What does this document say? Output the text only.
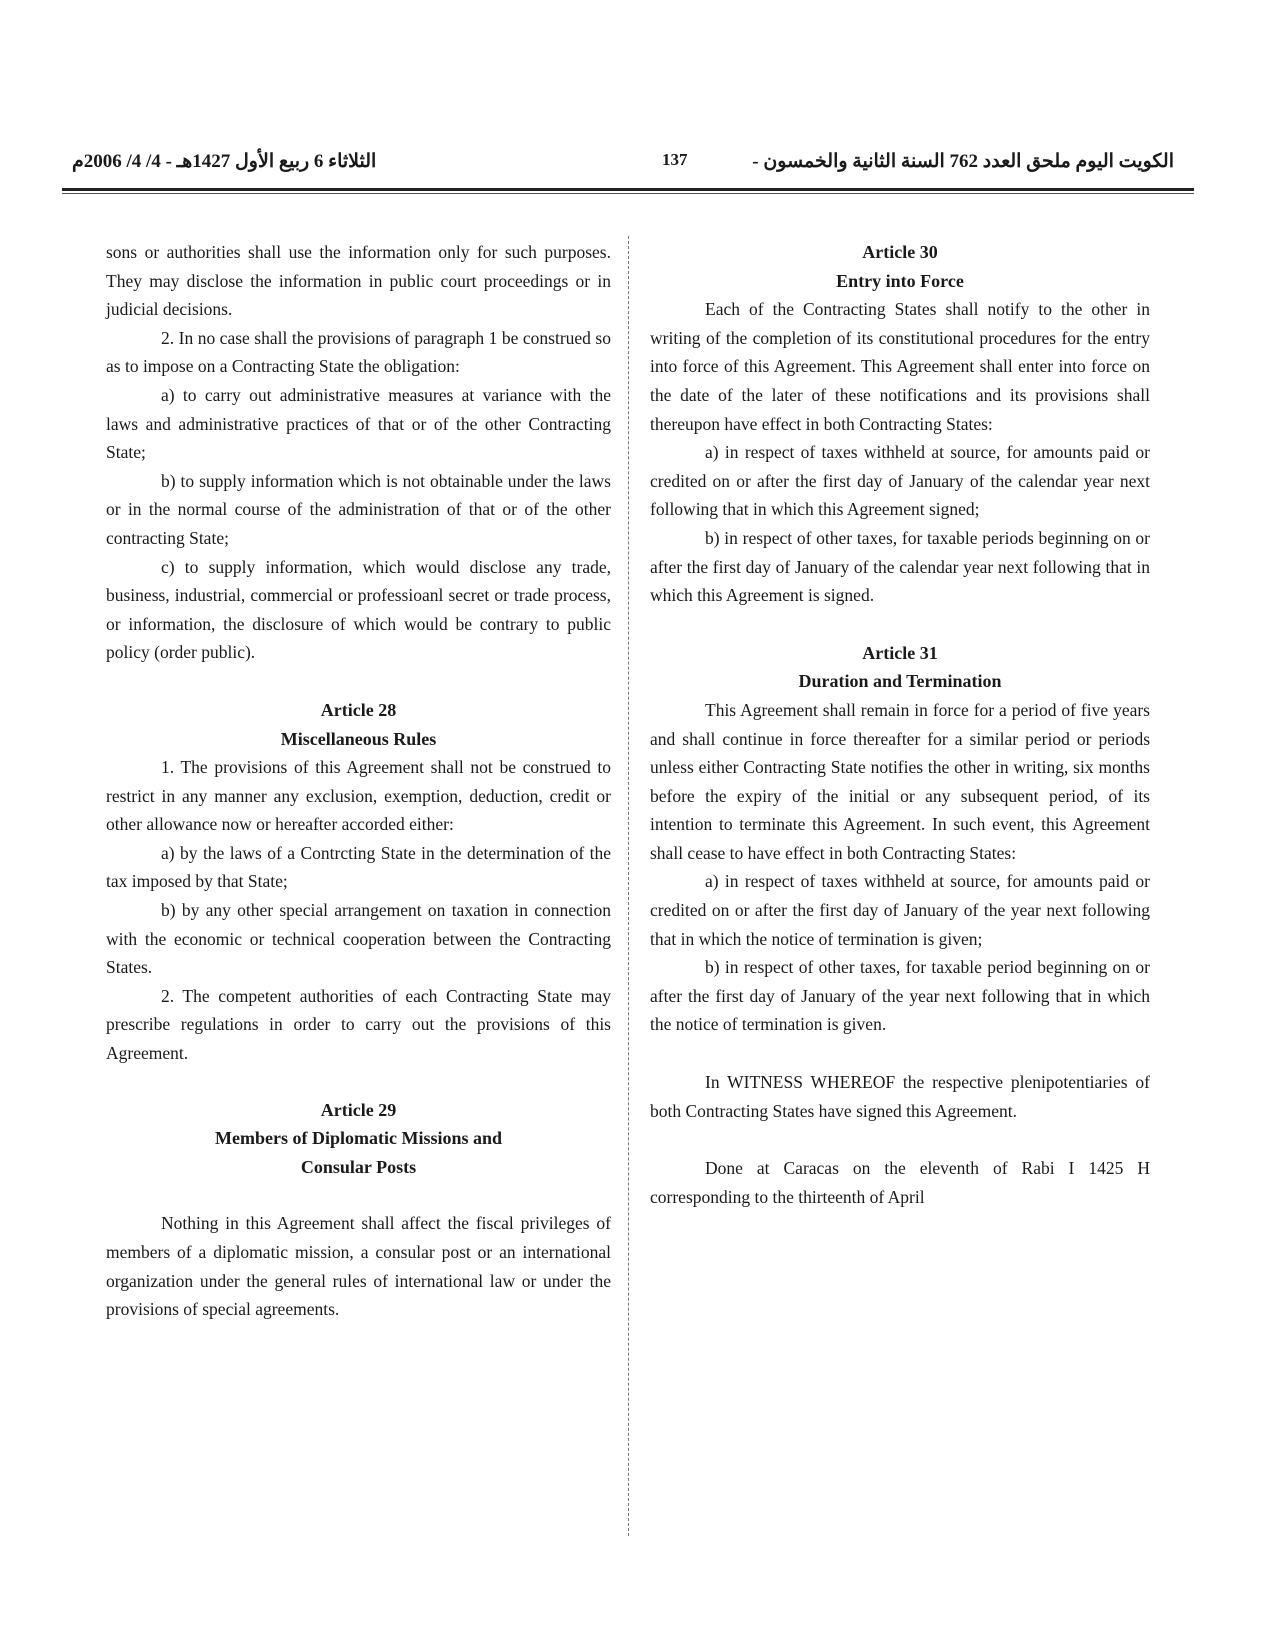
الثلاثاء 6 ربيع الأول 1427هـ - 4/ 4/ 2006م	137	الكويت اليوم ملحق العدد 762 السنة الثانية والخمسون -

sons or authorities shall use the information only for such purposes. They may disclose the information in public court proceedings or in judicial decisions.

2. In no case shall the provisions of paragraph 1 be construed so as to impose on a Contracting State the obligation:

a) to carry out administrative measures at variance with the laws and administrative practices of that or of the other Contracting State;

b) to supply information which is not obtainable under the laws or in the normal course of the administration of that or of the other contracting State;

c) to supply information, which would disclose any trade, business, industrial, commercial or professioanl secret or trade process, or information, the disclosure of which would be contrary to public policy (order public).

Article 28

Miscellaneous Rules

1. The provisions of this Agreement shall not be construed to restrict in any manner any exclusion, exemption, deduction, credit or other allowance now or hereafter accorded either:

a) by the laws of a Contrcting State in the determination of the tax imposed by that State;

b) by any other special arrangement on taxation in connection with the economic or technical cooperation between the Contracting States.

2. The competent authorities of each Contracting State may prescribe regulations in order to carry out the provisions of this Agreement.

Article 29

Members of Diplomatic Missions and

Consular Posts

Nothing in this Agreement shall affect the fiscal privileges of members of a diplomatic mission, a consular post or an international organization under the general rules of international law or under the provisions of special agreements.

Article 30

Entry into Force

Each of the Contracting States shall notify to the other in writing of the completion of its constitutional procedures for the entry into force of this Agreement. This Agreement shall enter into force on the date of the later of these notifications and its provisions shall thereupon have effect in both Contracting States:

a) in respect of taxes withheld at source, for amounts paid or credited on or after the first day of January of the calendar year next following that in which this Agreement signed;

b) in respect of other taxes, for taxable periods beginning on or after the first day of January of the calendar year next following that in which this Agreement is signed.

Article 31

Duration and Termination

This Agreement shall remain in force for a period of five years and shall continue in force thereafter for a similar period or periods unless either Contracting State notifies the other in writing, six months before the expiry of the initial or any subsequent period, of its intention to terminate this Agreement. In such event, this Agreement shall cease to have effect in both Contracting States:

a) in respect of taxes withheld at source, for amounts paid or credited on or after the first day of January of the year next following that in which the notice of termination is given;

b) in respect of other taxes, for taxable period beginning on or after the first day of January of the year next following that in which the notice of termination is given.

In WITNESS WHEREOF the respective plenipotentiaries of both Contracting States have signed this Agreement.

Done at Caracas on the eleventh of Rabi I 1425 H corresponding to the thirteenth of April
